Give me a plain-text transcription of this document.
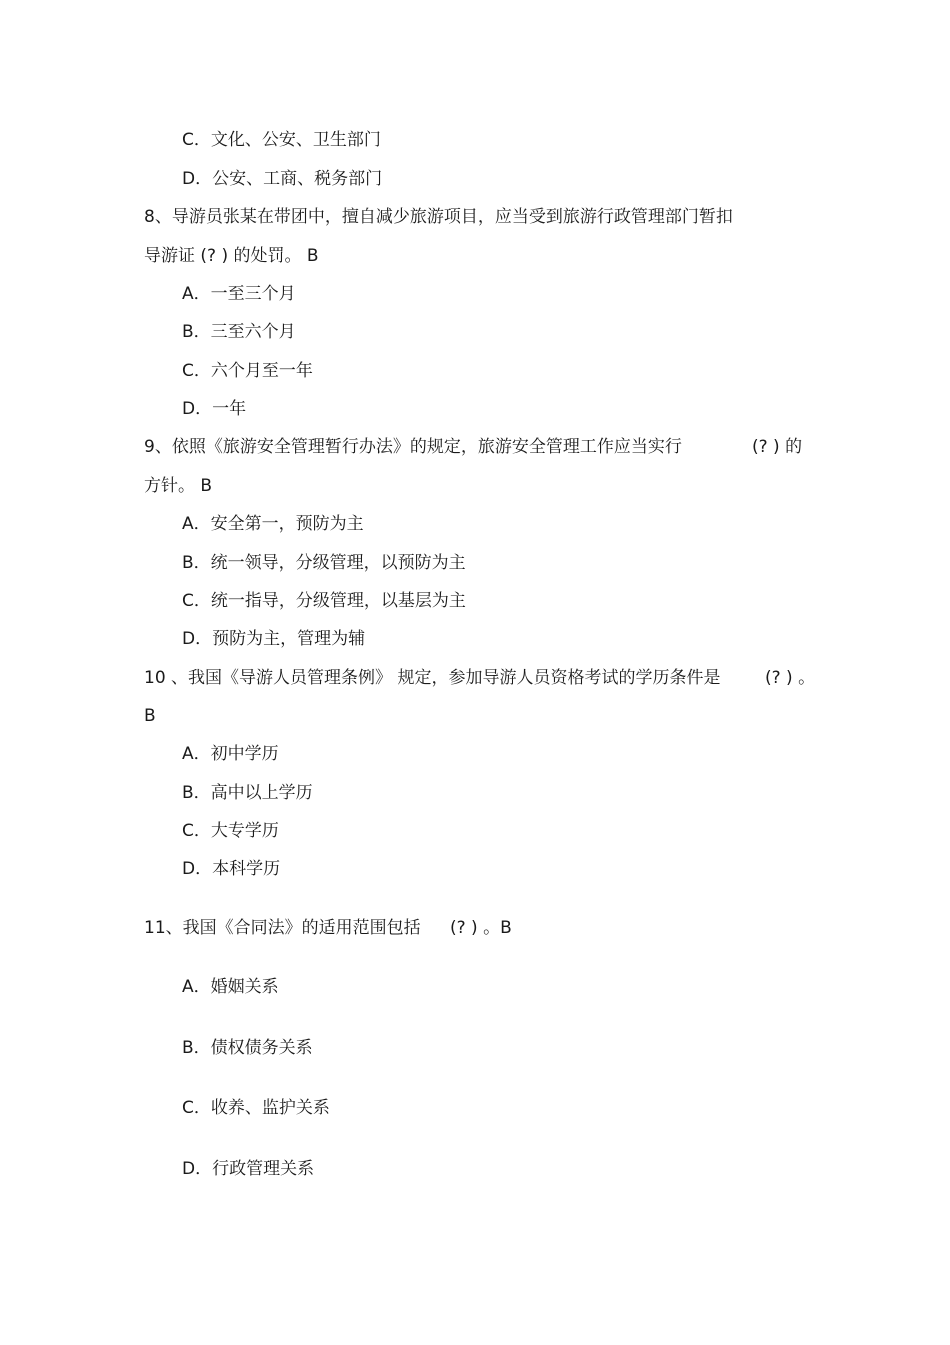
C．文化、公安、卫生部门
D．公安、工商、税务部门
8、导游员张某在带团中，擅自减少旅游项目，应当受到旅游行政管理部门暂扣
导游证 (? ) 的处罚。 B
A．一至三个月
B．三至六个月
C．六个月至一年
D．一年
9、依照《旅游安全管理暂行办法》的规定，旅游安全管理工作应当实行	(? ) 的
方针。 B
A．安全第一，预防为主
B．统一领导，分级管理，以预防为主
C．统一指导，分级管理，以基层为主
D．预防为主，管理为辅
10 、我国《导游人员管理条例》 规定，参加导游人员资格考试的学历条件是	(? ) 。
B
A．初中学历
B．高中以上学历
C．大专学历
D．本科学历
11、我国《合同法》的适用范围包括 (? ) 。B
A．婚姻关系
B．债权债务关系
C．收养、监护关系
D．行政管理关系
